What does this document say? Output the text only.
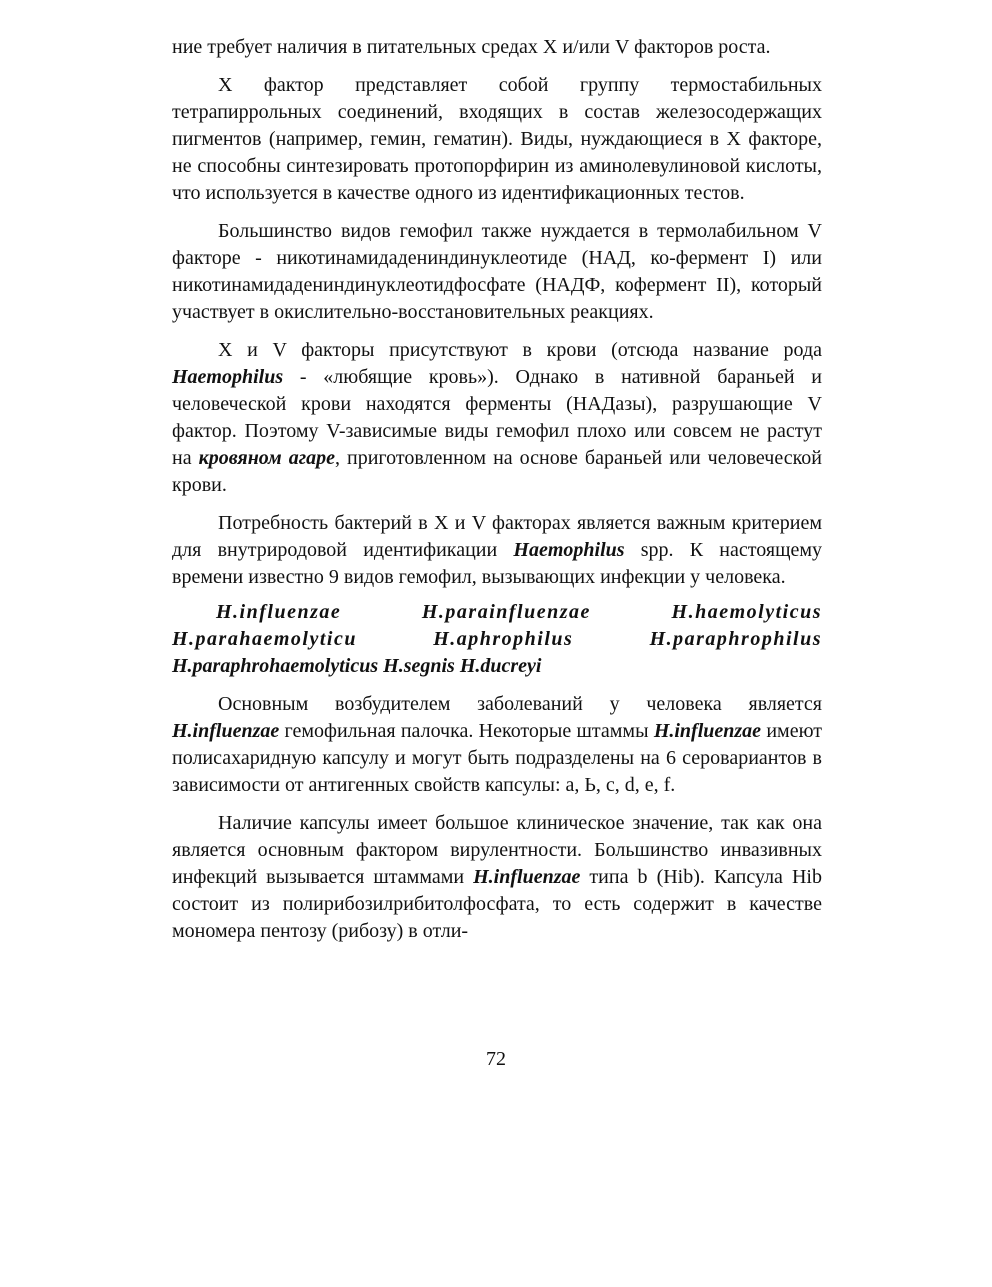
ние требует наличия в питательных средах X и/или V факторов роста.

X фактор представляет собой группу термостабильных тетрапиррольных соединений, входящих в состав железосодержащих пигментов (например, гемин, гематин). Виды, нуждающиеся в X факторе, не способны синтезировать протопорфирин из аминолевулиновой кислоты, что используется в качестве одного из идентификационных тестов.

Большинство видов гемофил также нуждается в термолабильном V факторе - никотинамидадениндинуклеотиде (НАД, ко-фермент I) или никотинамидадениндинуклеотидфосфате (НАДФ, кофермент II), который участвует в окислительно-восстановительных реакциях.

X и V факторы присутствуют в крови (отсюда название рода Haemophilus - «любящие кровь»). Однако в нативной бараньей и человеческой крови находятся ферменты (НАДазы), разрушающие V фактор. Поэтому V-зависимые виды гемофил плохо или совсем не растут на кровяном агаре, приготовленном на основе бараньей или человеческой крови.

Потребность бактерий в X и V факторах является важным критерием для внутриродовой идентификации Haemophilus spp. К настоящему времени известно 9 видов гемофил, вызывающих инфекции у человека.

H.influenzae	H.parainfluenzae	H.haemolyticus
H.parahaemolyticu	H.aphrophilus	H.paraphrophilus
H.paraphrohaemolyticus H.segnis H.ducreyi

Основным возбудителем заболеваний у человека является H.influenzae гемофильная палочка. Некоторые штаммы H.influenzae имеют полисахаридную капсулу и могут быть подразделены на 6 серовариантов в зависимости от антигенных свойств капсулы: a, Ь, c, d, e, f.

Наличие капсулы имеет большое клиническое значение, так как она является основным фактором вирулентности. Большинство инвазивных инфекций вызывается штаммами H.influenzae типа b (Hib). Капсула Hib состоит из полирибозилрибитолфосфата, то есть содержит в качестве мономера пентозу (рибозу) в отли-

72
